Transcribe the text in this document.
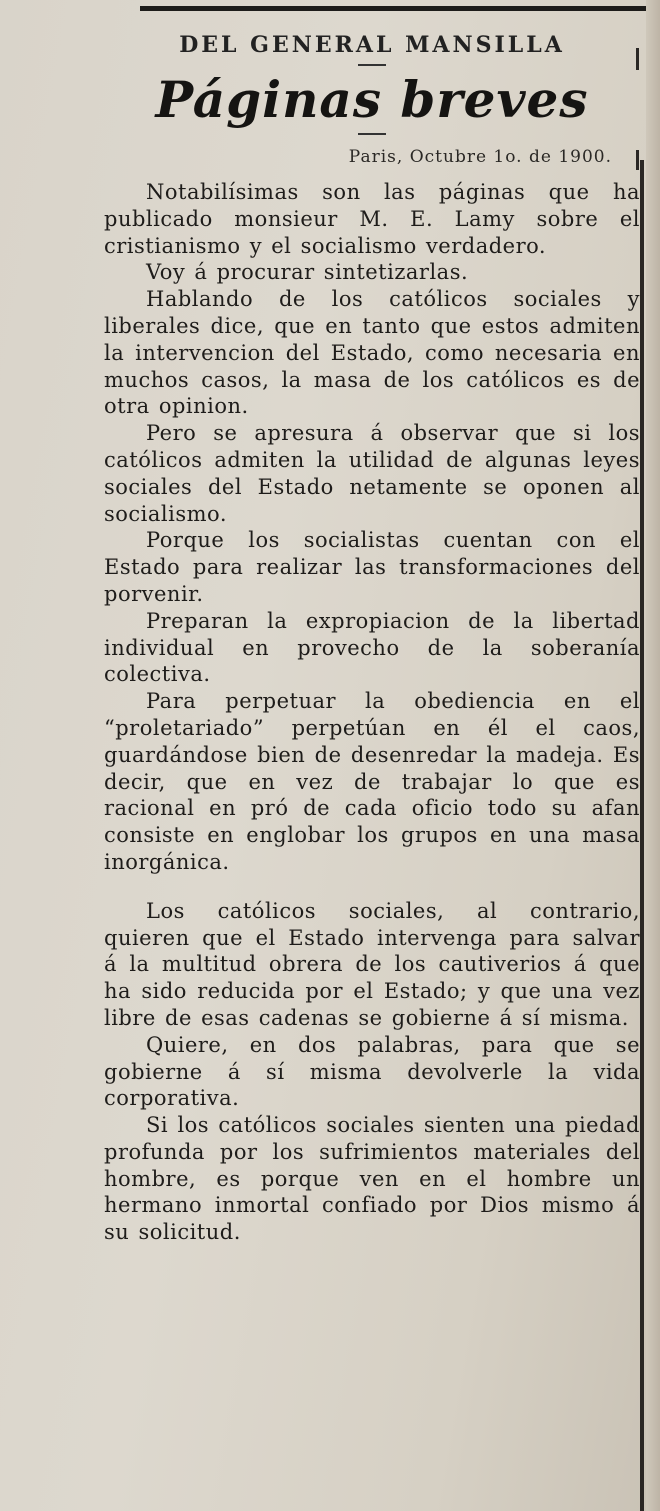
DEL GENERAL MANSILLA
Páginas breves
Paris, Octubre 1o. de 1900.

Notabilísimas son las páginas que ha publicado monsieur M. E. Lamy sobre el cristianismo y el socialismo verdadero.

Voy á procurar sintetizarlas.

Hablando de los católicos sociales y liberales dice, que en tanto que estos admiten la intervencion del Estado, como necesaria en muchos casos, la masa de los católicos es de otra opinion.

Pero se apresura á observar que si los católicos admiten la utilidad de algunas leyes sociales del Estado netamente se oponen al socialismo.

Porque los socialistas cuentan con el Estado para realizar las transformaciones del porvenir.

Preparan la expropiacion de la libertad individual en provecho de la soberanía colectiva.

Para perpetuar la obediencia en el “proletariado” perpetúan en él el caos, guardándose bien de desenredar la madeja. Es decir, que en vez de trabajar lo que es racional en pró de cada oficio todo su afan consiste en englobar los grupos en una masa inorgánica.

Los católicos sociales, al contrario, quieren que el Estado intervenga para salvar á la multitud obrera de los cautiverios á que ha sido reducida por el Estado; y que una vez libre de esas cadenas se gobierne á sí misma.

Quiere, en dos palabras, para que se gobierne á sí misma devolverle la vida corporativa.

Si los católicos sociales sienten una piedad profunda por los sufrimientos materiales del hombre, es porque ven en el hombre un hermano inmortal confiado por Dios mismo á su solicitud.
